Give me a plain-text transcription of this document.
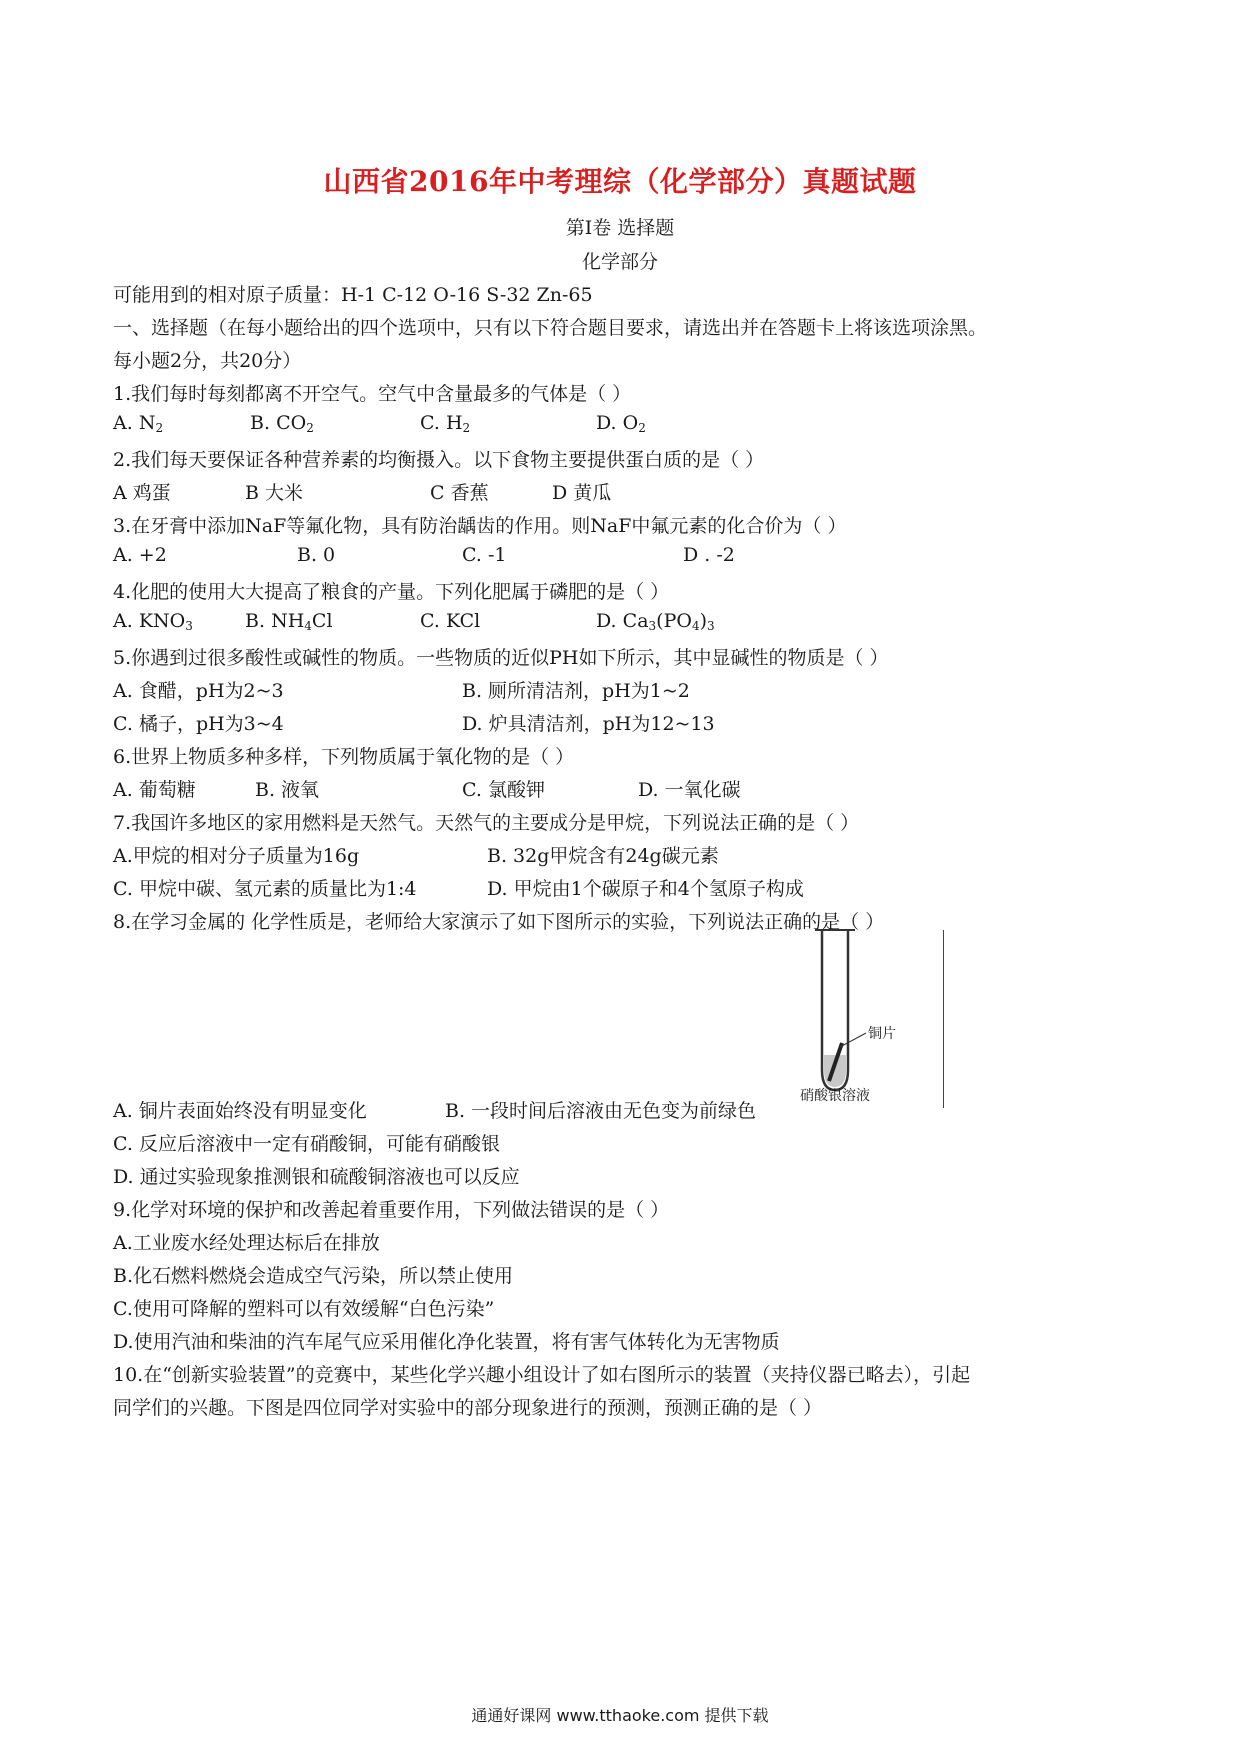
山西省2016年中考理综（化学部分）真题试题
第Ⅰ卷 选择题
化学部分
可能用到的相对原子质量：H-1 C-12 O-16 S-32 Zn-65
一、选择题（在每小题给出的四个选项中，只有以下符合题目要求，请选出并在答题卡上将该选项涂黑。
每小题2分，共20分）
1.我们每时每刻都离不开空气。空气中含量最多的气体是（ ）
A. $N_2$	B. $CO_2$	C. $H_2$	D. $O_2$
2.我们每天要保证各种营养素的均衡摄入。以下食物主要提供蛋白质的是（ ）
A 鸡蛋	B 大米	C 香蕉	D 黄瓜
3.在牙膏中添加NaF等氟化物，具有防治龋齿的作用。则NaF中氟元素的化合价为（ ）
A. +2	B. 0	C. -1	D . -2
4.化肥的使用大大提高了粮食的产量。下列化肥属于磷肥的是（ ）
A. $KNO_3$	B. $NH_4Cl$	C. KCl	D. $Ca_3(PO_4)_3$
5.你遇到过很多酸性或碱性的物质。一些物质的近似PH如下所示，其中显碱性的物质是（ ）
A. 食醋，pH为2~3	B. 厕所清洁剂，pH为1~2
C. 橘子，pH为3~4	D. 炉具清洁剂，pH为12~13
6.世界上物质多种多样，下列物质属于氧化物的是（ ）
A. 葡萄糖	B. 液氧	C. 氯酸钾	D. 一氧化碳
7.我国许多地区的家用燃料是天然气。天然气的主要成分是甲烷，下列说法正确的是（ ）
A.甲烷的相对分子质量为16g	B. 32g甲烷含有24g碳元素
C. 甲烷中碳、氢元素的质量比为1:4	D. 甲烷由1个碳原子和4个氢原子构成
8.在学习金属的 化学性质是，老师给大家演示了如下图所示的实验，下列说法正确的是（ ）
铜片
硝酸银溶液
A. 铜片表面始终没有明显变化	B. 一段时间后溶液由无色变为前绿色
C. 反应后溶液中一定有硝酸铜，可能有硝酸银
D. 通过实验现象推测银和硫酸铜溶液也可以反应
9.化学对环境的保护和改善起着重要作用，下列做法错误的是（ ）
A.工业废水经处理达标后在排放
B.化石燃料燃烧会造成空气污染，所以禁止使用
C.使用可降解的塑料可以有效缓解“白色污染”
D.使用汽油和柴油的汽车尾气应采用催化净化装置，将有害气体转化为无害物质
10.在“创新实验装置”的竞赛中，某些化学兴趣小组设计了如右图所示的装置（夹持仪器已略去），引起
同学们的兴趣。下图是四位同学对实验中的部分现象进行的预测，预测正确的是（ ）
通通好课网 www.tthaoke.com 提供下载
